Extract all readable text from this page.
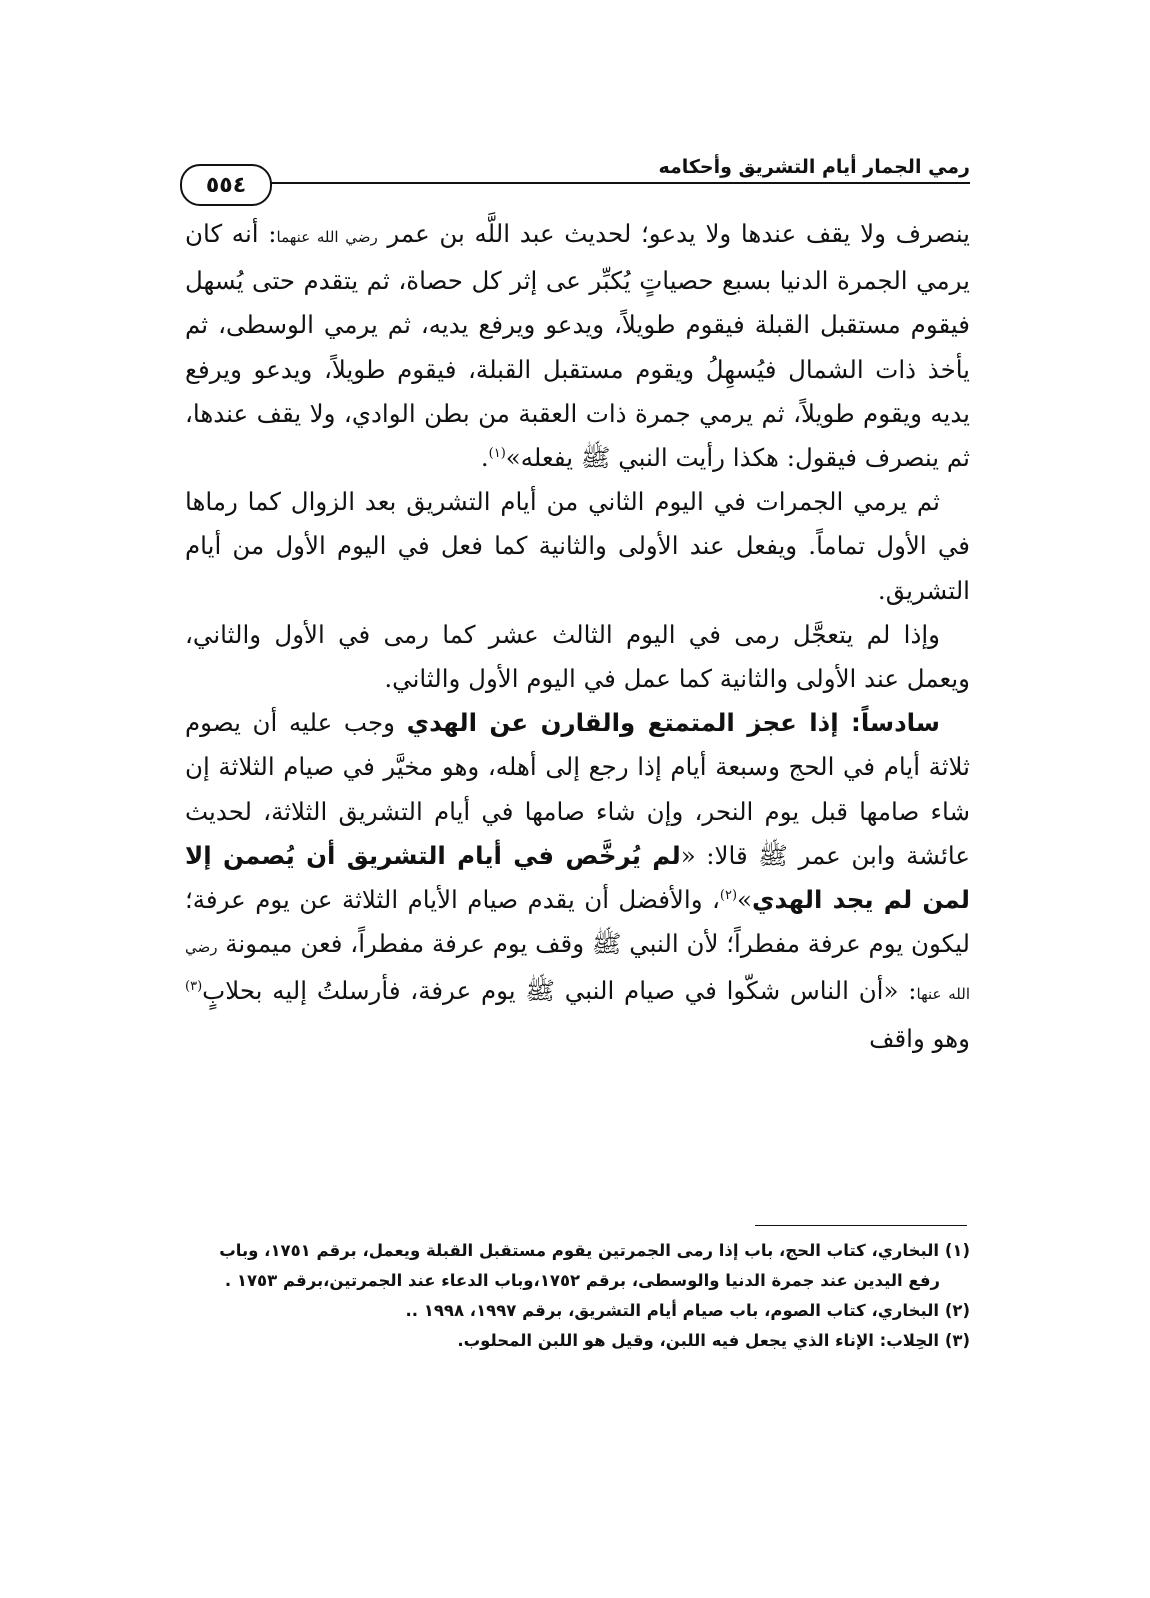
رمي الجمار أيام التشريق وأحكامه
٥٥٤

ينصرف ولا يقف عندها ولا يدعو؛ لحديث عبد اللَّه بن عمر رضي الله عنهما: أنه كان يرمي الجمرة الدنيا بسبع حصياتٍ يُكبِّر عى إثر كل حصاة، ثم يتقدم حتى يُسهل فيقوم مستقبل القبلة فيقوم طويلاً، ويدعو ويرفع يديه، ثم يرمي الوسطى، ثم يأخذ ذات الشمال فيُسهِلُ ويقوم مستقبل القبلة، فيقوم طويلاً، ويدعو ويرفع يديه ويقوم طويلاً، ثم يرمي جمرة ذات العقبة من بطن الوادي، ولا يقف عندها، ثم ينصرف فيقول: هكذا رأيت النبي ﷺ يفعله»$^{(١)}$.

ثم يرمي الجمرات في اليوم الثاني من أيام التشريق بعد الزوال كما رماها في الأول تماماً. ويفعل عند الأولى والثانية كما فعل في اليوم الأول من أيام التشريق.

وإذا لم يتعجَّل رمى في اليوم الثالث عشر كما رمى في الأول والثاني، ويعمل عند الأولى والثانية كما عمل في اليوم الأول والثاني.

سادساً: إذا عجز المتمتع والقارن عن الهدي وجب عليه أن يصوم ثلاثة أيام في الحج وسبعة أيام إذا رجع إلى أهله، وهو مخيَّر في صيام الثلاثة إن شاء صامها قبل يوم النحر، وإن شاء صامها في أيام التشريق الثلاثة، لحديث عائشة وابن عمر ﷺ قالا: «لم يُرخَّص في أيام التشريق أن يُصمن إلا لمن لم يجد الهدي»$^{(٢)}$، والأفضل أن يقدم صيام الأيام الثلاثة عن يوم عرفة؛ ليكون يوم عرفة مفطراً؛ لأن النبي ﷺ وقف يوم عرفة مفطراً، فعن ميمونة رضي الله عنها: «أن الناس شكّوا في صيام النبي ﷺ يوم عرفة، فأرسلتُ إليه بحلابٍ$^{(٣)}$ وهو واقف

(١) البخاري، كتاب الحج، باب إذا رمى الجمرتين يقوم مستقبل القبلة ويعمل، برقم ١٧٥١، وباب

رفع اليدين عند جمرة الدنيا والوسطى، برقم ١٧٥٢،وباب الدعاء عند الجمرتين،برقم ١٧٥٣ .

(٢) البخاري، كتاب الصوم، باب صيام أيام التشريق، برقم ١٩٩٧، ١٩٩٨ ..

(٣) الحِلاب: الإناء الذي يجعل فيه اللبن، وقيل هو اللبن المحلوب.
